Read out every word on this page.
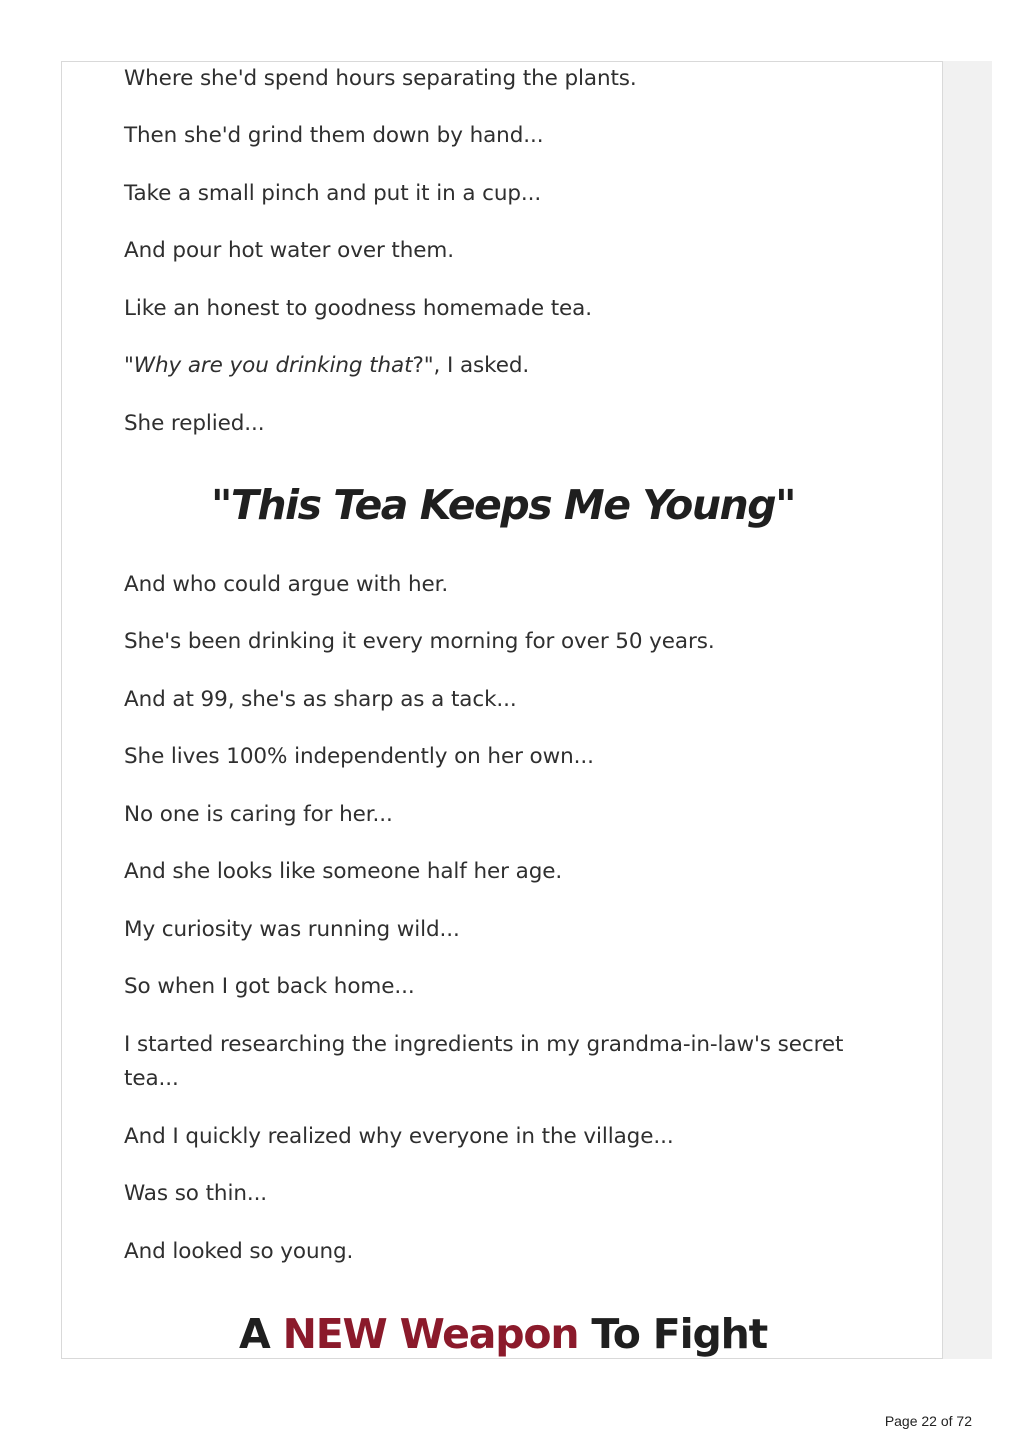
Where she'd spend hours separating the plants.

Then she'd grind them down by hand...

Take a small pinch and put it in a cup...

And pour hot water over them.

Like an honest to goodness homemade tea.

"Why are you drinking that?", I asked.

She replied...

"This Tea Keeps Me Young"

And who could argue with her.

She's been drinking it every morning for over 50 years.

And at 99, she's as sharp as a tack...

She lives 100% independently on her own...

No one is caring for her...

And she looks like someone half her age.

My curiosity was running wild...

So when I got back home...

I started researching the ingredients in my grandma-in-law's secret tea...

And I quickly realized why everyone in the village...

Was so thin...

And looked so young.

A NEW Weapon To Fight
Page 22 of 72
